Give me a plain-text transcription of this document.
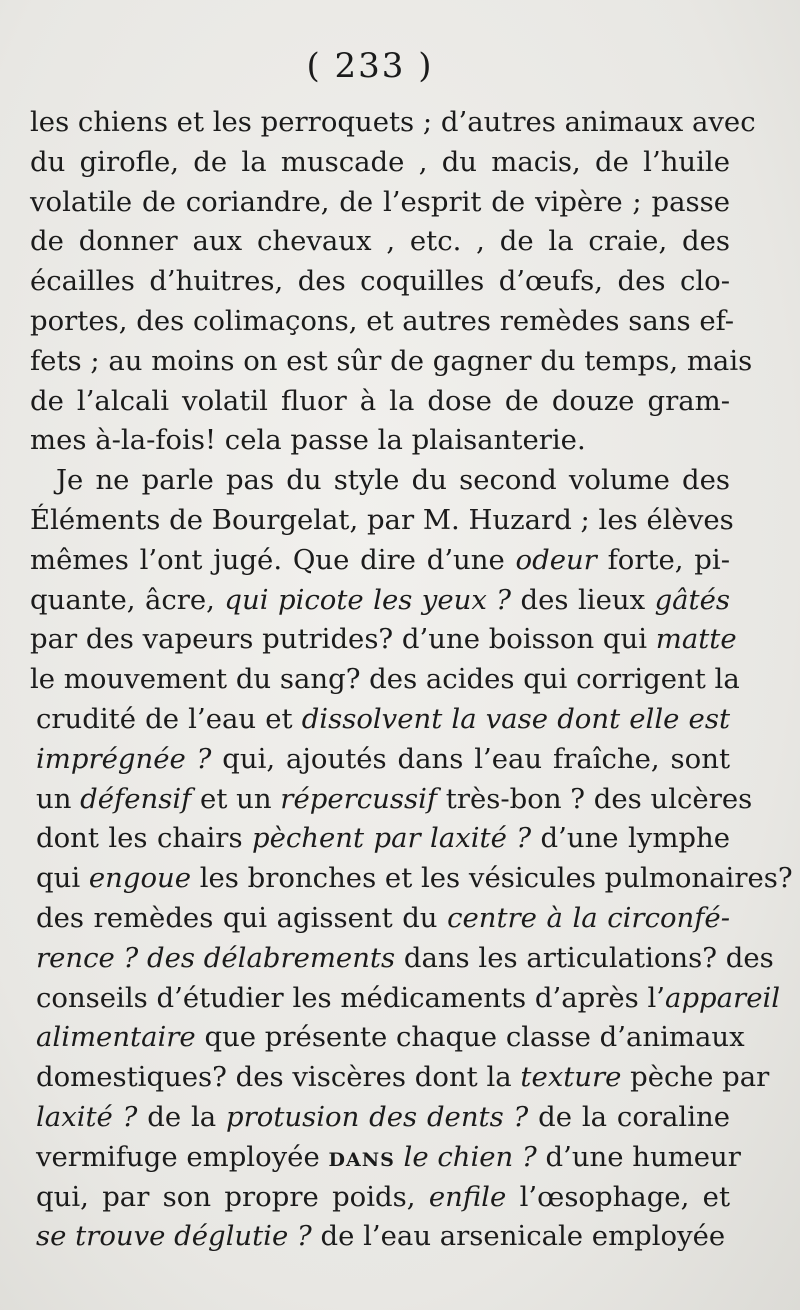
( 233 )
les chiens et les perroquets ; d’autres animaux avec
du girofle, de la muscade , du macis, de l’huile
volatile de coriandre, de l’esprit de vipère ; passe
de donner aux chevaux , etc. , de la craie, des
écailles d’huitres, des coquilles d’œufs, des clo-
portes, des colimaçons, et autres remèdes sans ef-
fets ; au moins on est sûr de gagner du temps, mais
de l’alcali volatil fluor à la dose de douze gram-
mes à-la-fois! cela passe la plaisanterie.
Je ne parle pas du style du second volume des
Éléments de Bourgelat, par M. Huzard ; les élèves
mêmes l’ont jugé. Que dire d’une odeur forte, pi-
quante, âcre, qui picote les yeux ? des lieux gâtés
par des vapeurs putrides? d’une boisson qui matte
le mouvement du sang? des acides qui corrigent la
crudité de l’eau et dissolvent la vase dont elle est
imprégnée ? qui, ajoutés dans l’eau fraîche, sont
un défensif et un répercussif très-bon ? des ulcères
dont les chairs pèchent par laxité ? d’une lymphe
qui engoue les bronches et les vésicules pulmonaires?
des remèdes qui agissent du centre à la circonfé-
rence ? des délabrements dans les articulations? des
conseils d’étudier les médicaments d’après l’appareil
alimentaire que présente chaque classe d’animaux
domestiques? des viscères dont la texture pèche par
laxité ? de la protusion des dents ? de la coraline
vermifuge employée DANS le chien ? d’une humeur
qui, par son propre poids, enfile l’œsophage, et
se trouve déglutie ? de l’eau arsenicale employée
